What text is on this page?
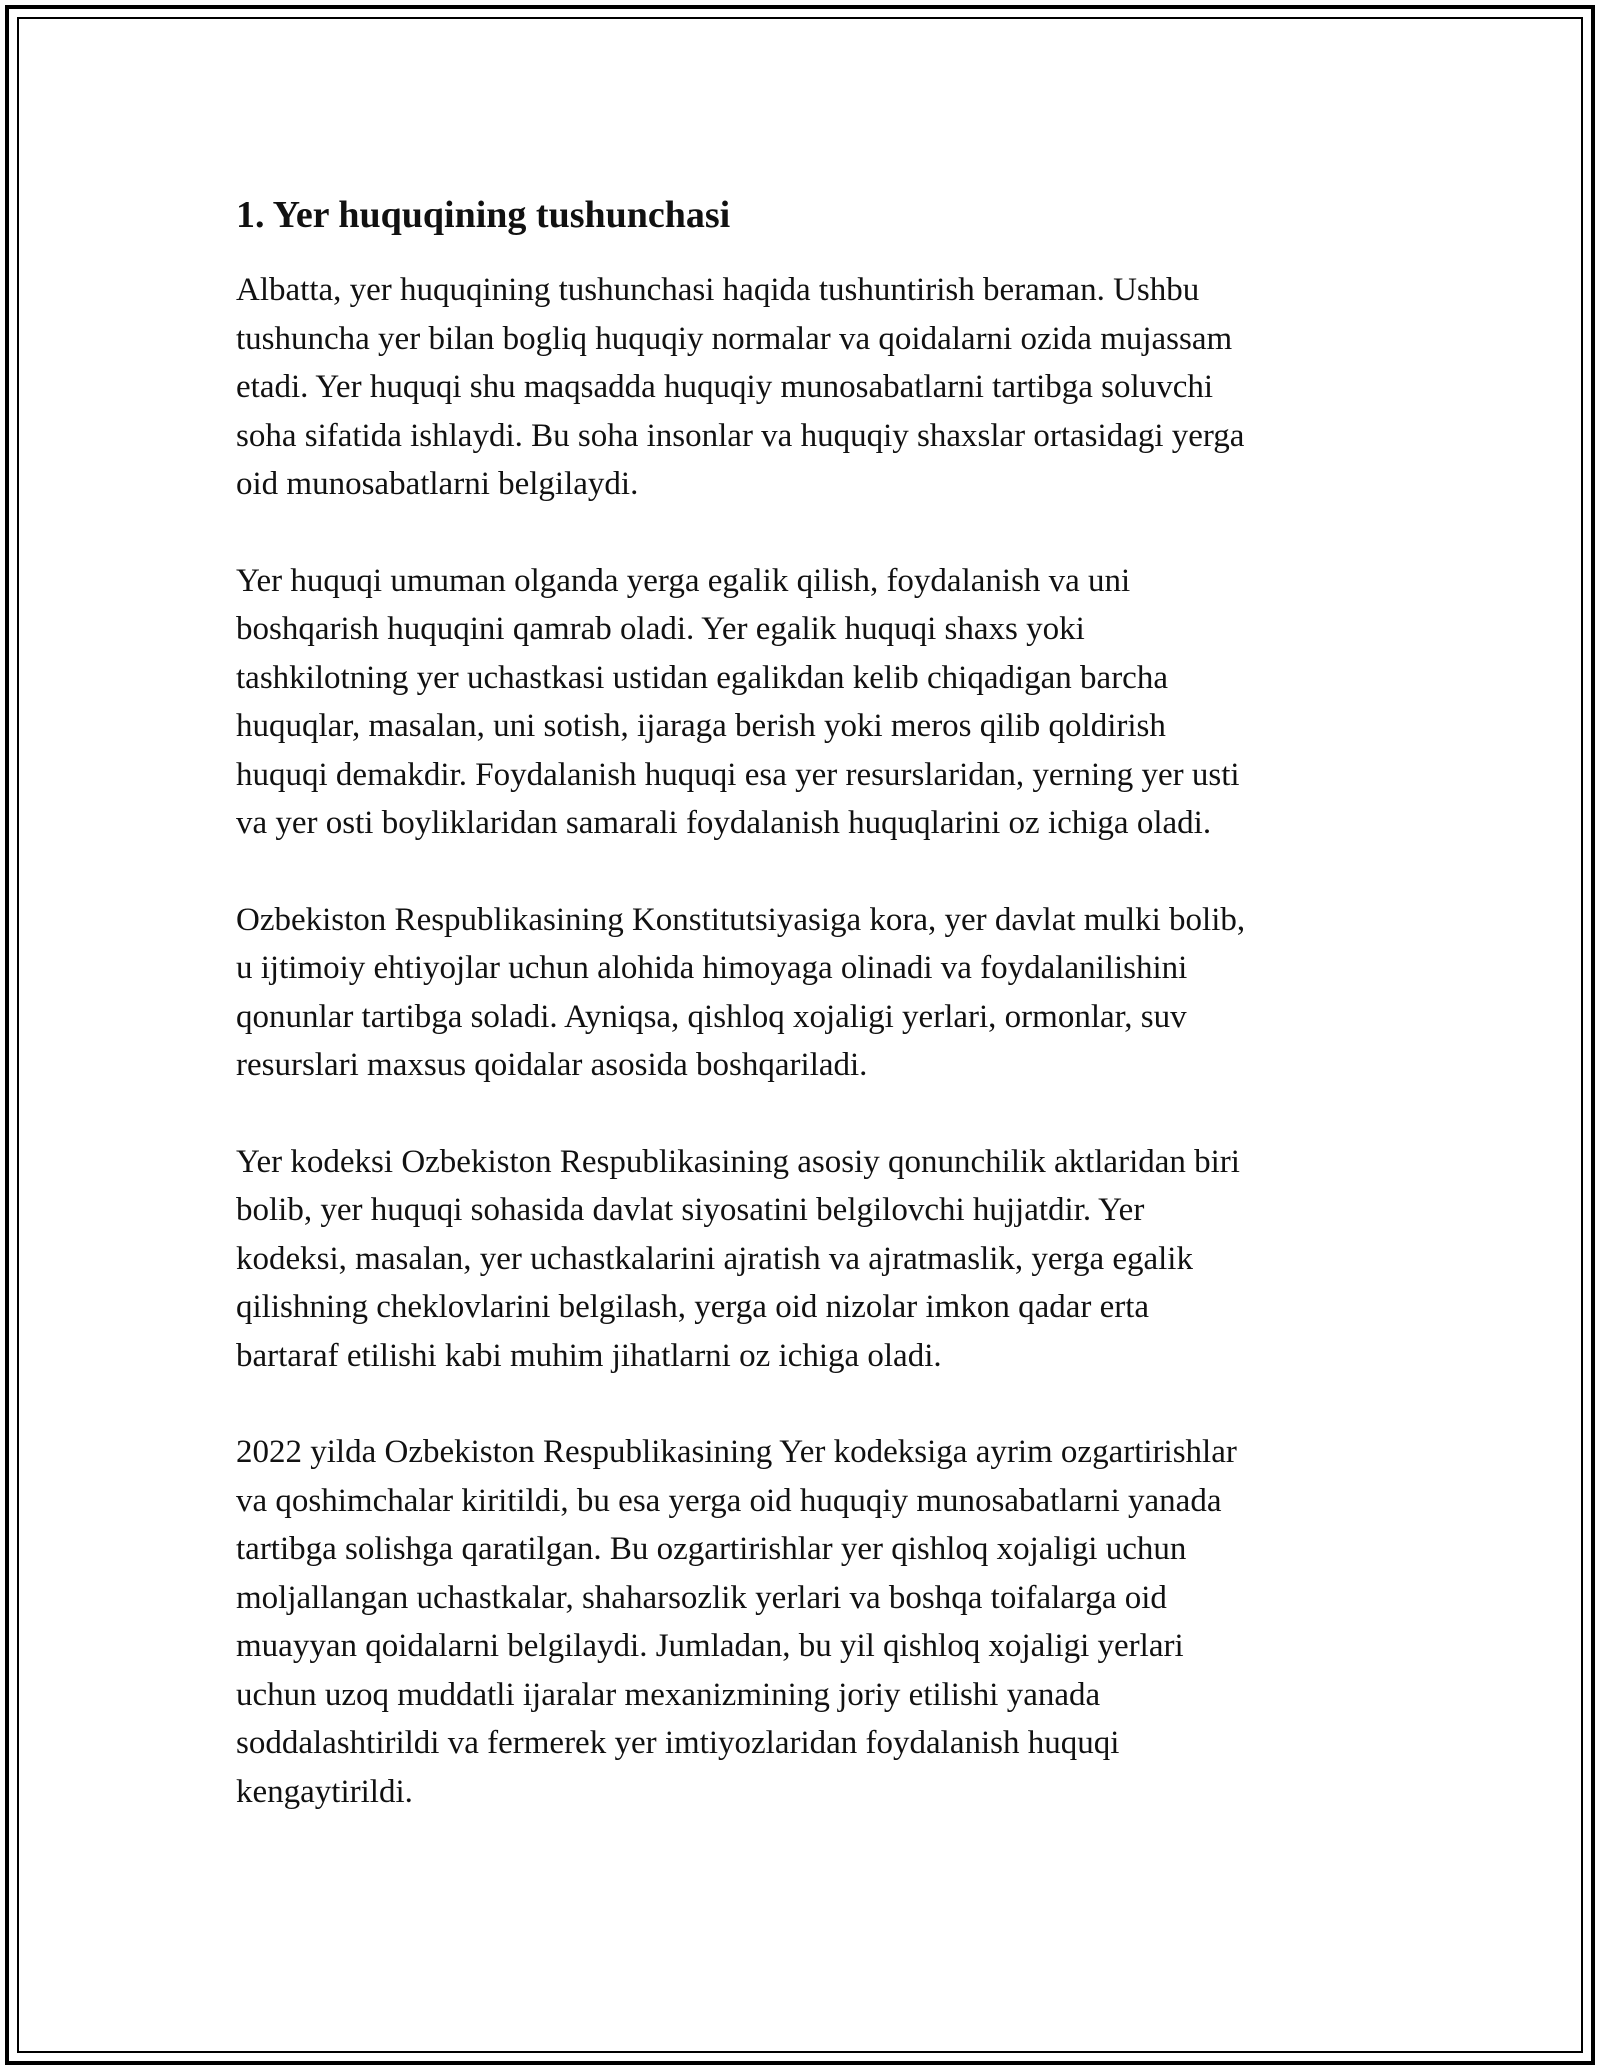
1. Yer huquqining tushunchasi

Albatta, yer huquqining tushunchasi haqida tushuntirish beraman. Ushbu
tushuncha yer bilan bogliq huquqiy normalar va qoidalarni ozida mujassam
etadi. Yer huquqi shu maqsadda huquqiy munosabatlarni tartibga soluvchi
soha sifatida ishlaydi. Bu soha insonlar va huquqiy shaxslar ortasidagi yerga
oid munosabatlarni belgilaydi.

Yer huquqi umuman olganda yerga egalik qilish, foydalanish va uni
boshqarish huquqini qamrab oladi. Yer egalik huquqi shaxs yoki
tashkilotning yer uchastkasi ustidan egalikdan kelib chiqadigan barcha
huquqlar, masalan, uni sotish, ijaraga berish yoki meros qilib qoldirish
huquqi demakdir. Foydalanish huquqi esa yer resurslaridan, yerning yer usti
va yer osti boyliklaridan samarali foydalanish huquqlarini oz ichiga oladi.

Ozbekiston Respublikasining Konstitutsiyasiga kora, yer davlat mulki bolib,
u ijtimoiy ehtiyojlar uchun alohida himoyaga olinadi va foydalanilishini
qonunlar tartibga soladi. Ayniqsa, qishloq xojaligi yerlari, ormonlar, suv
resurslari maxsus qoidalar asosida boshqariladi.

Yer kodeksi Ozbekiston Respublikasining asosiy qonunchilik aktlaridan biri
bolib, yer huquqi sohasida davlat siyosatini belgilovchi hujjatdir. Yer
kodeksi, masalan, yer uchastkalarini ajratish va ajratmaslik, yerga egalik
qilishning cheklovlarini belgilash, yerga oid nizolar imkon qadar erta
bartaraf etilishi kabi muhim jihatlarni oz ichiga oladi.

2022 yilda Ozbekiston Respublikasining Yer kodeksiga ayrim ozgartirishlar
va qoshimchalar kiritildi, bu esa yerga oid huquqiy munosabatlarni yanada
tartibga solishga qaratilgan. Bu ozgartirishlar yer qishloq xojaligi uchun
moljallangan uchastkalar, shaharsozlik yerlari va boshqa toifalarga oid
muayyan qoidalarni belgilaydi. Jumladan, bu yil qishloq xojaligi yerlari
uchun uzoq muddatli ijaralar mexanizmining joriy etilishi yanada
soddalashtirildi va fermerek yer imtiyozlaridan foydalanish huquqi
kengaytirildi.
